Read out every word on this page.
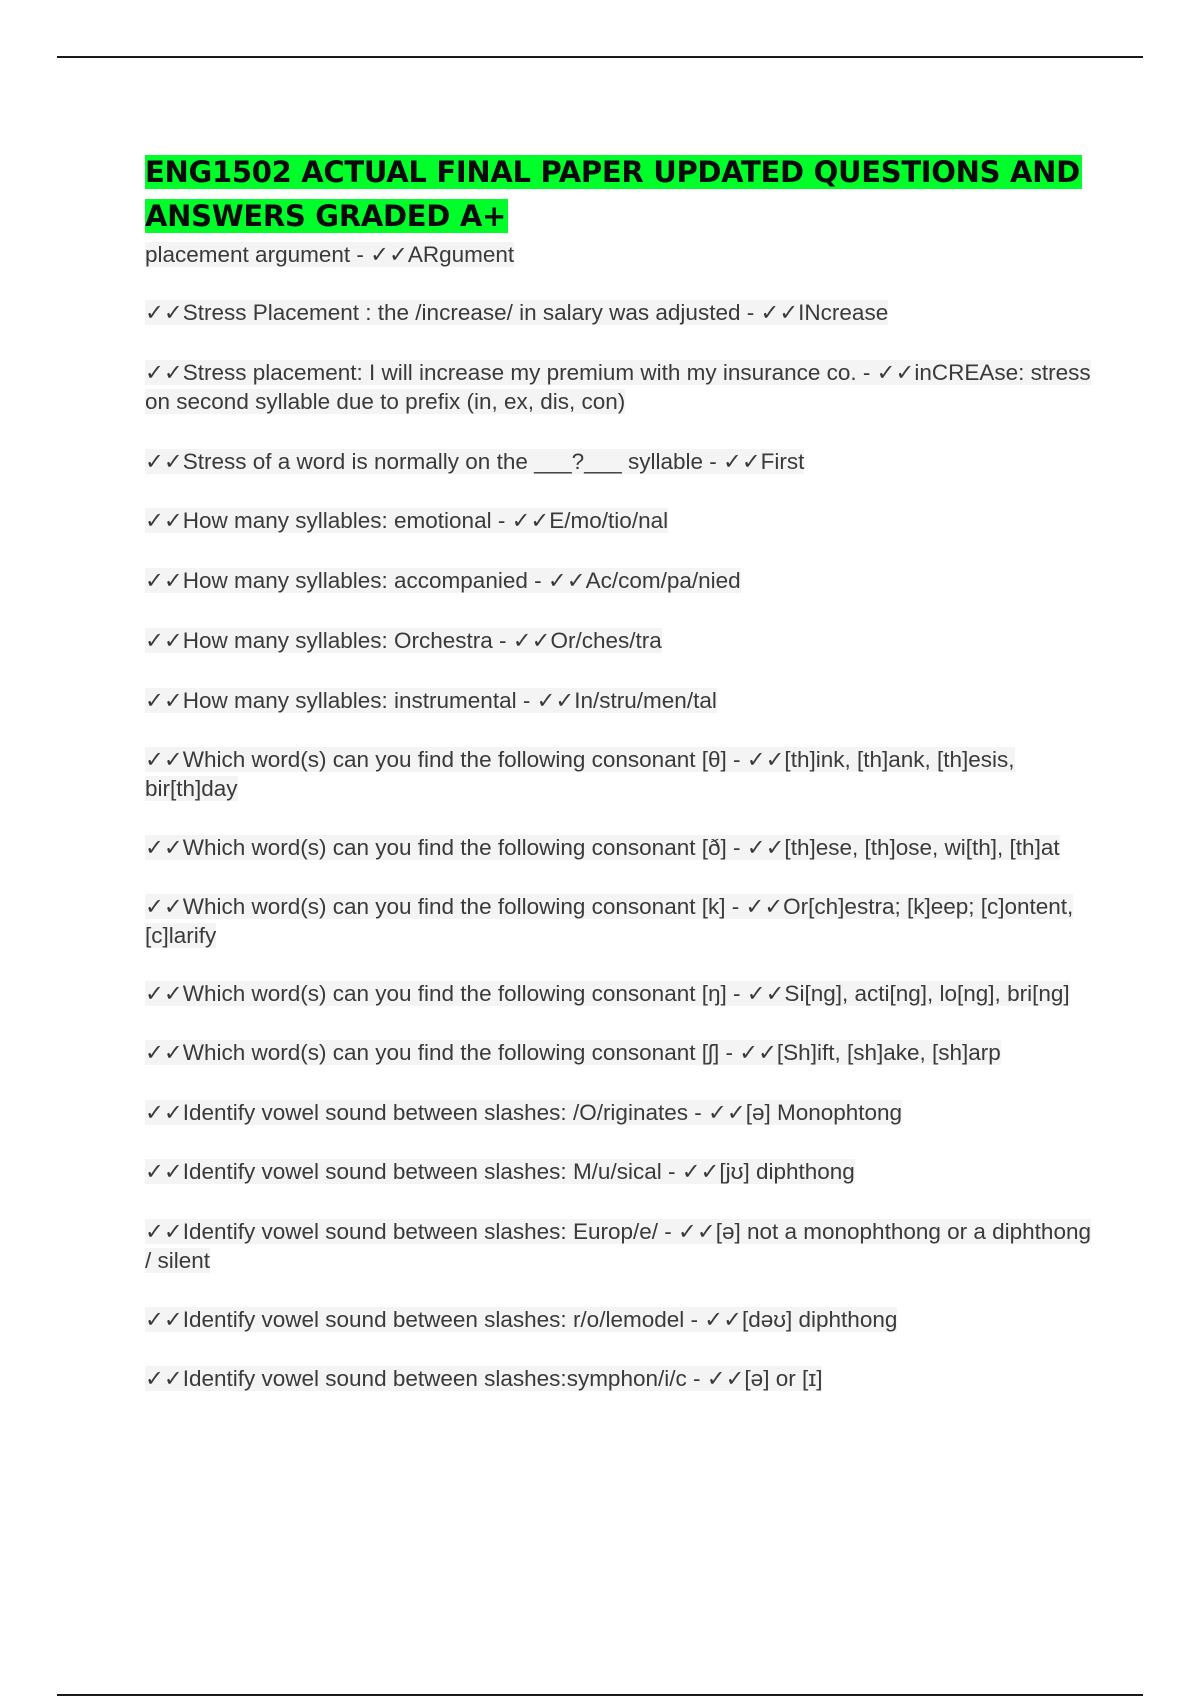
ENG1502 ACTUAL FINAL PAPER UPDATED QUESTIONS AND ANSWERS GRADED A+
placement argument - ✓✓ARgument
✓✓Stress Placement : the /increase/ in salary was adjusted - ✓✓INcrease
✓✓Stress placement: I will increase my premium with my insurance co. - ✓✓inCREAse: stress on second syllable due to prefix (in, ex, dis, con)
✓✓Stress of a word is normally on the ___?___ syllable - ✓✓First
✓✓How many syllables: emotional - ✓✓E/mo/tio/nal
✓✓How many syllables: accompanied - ✓✓Ac/com/pa/nied
✓✓How many syllables: Orchestra - ✓✓Or/ches/tra
✓✓How many syllables: instrumental - ✓✓In/stru/men/tal
✓✓Which word(s) can you find the following consonant [θ] - ✓✓[th]ink, [th]ank, [th]esis, bir[th]day
✓✓Which word(s) can you find the following consonant [ð] - ✓✓[th]ese, [th]ose, wi[th], [th]at
✓✓Which word(s) can you find the following consonant [k] - ✓✓Or[ch]estra; [k]eep; [c]ontent, [c]larify
✓✓Which word(s) can you find the following consonant [ŋ] - ✓✓Si[ng], acti[ng], lo[ng], bri[ng]
✓✓Which word(s) can you find the following consonant [ʃ] - ✓✓[Sh]ift, [sh]ake, [sh]arp
✓✓Identify vowel sound between slashes: /O/riginates - ✓✓[ə] Monophtong
✓✓Identify vowel sound between slashes: M/u/sical - ✓✓[jʊ] diphthong
✓✓Identify vowel sound between slashes: Europ/e/ - ✓✓[ə] not a monophthong or a diphthong / silent
✓✓Identify vowel sound between slashes: r/o/lemodel - ✓✓[dəʊ] diphthong
✓✓Identify vowel sound between slashes:symphon/i/c - ✓✓[ə] or [ɪ]
